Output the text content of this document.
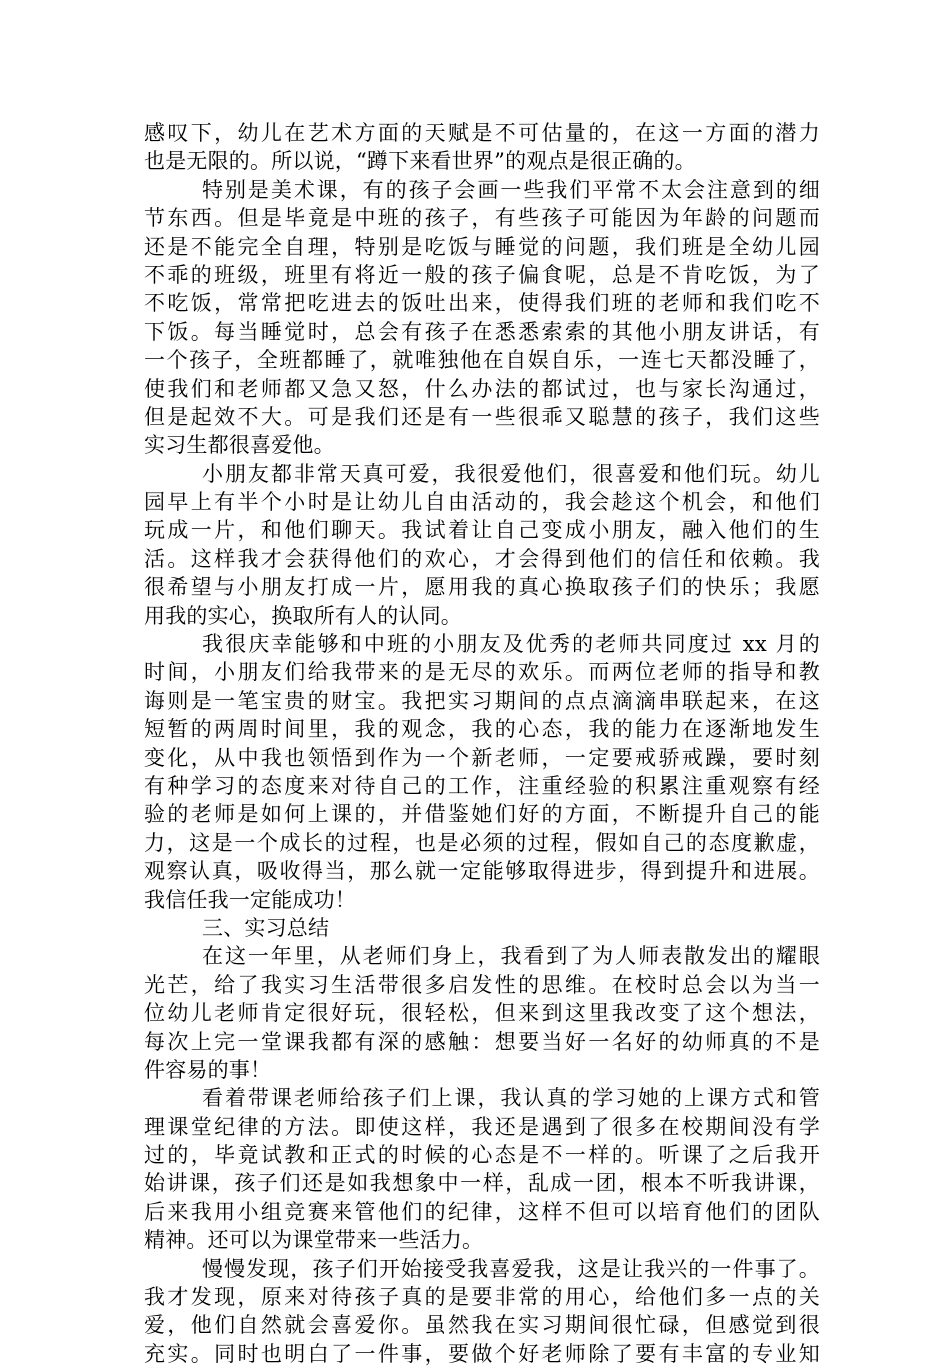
感叹下，幼儿在艺术方面的天赋是不可估量的，在这一方面的潜力
也是无限的。所以说，“蹲下来看世界”的观点是很正确的。
特别是美术课，有的孩子会画一些我们平常不太会注意到的细
节东西。但是毕竟是中班的孩子，有些孩子可能因为年龄的问题而
还是不能完全自理，特别是吃饭与睡觉的问题，我们班是全幼儿园
不乖的班级，班里有将近一般的孩子偏食呢，总是不肯吃饭，为了
不吃饭，常常把吃进去的饭吐出来，使得我们班的老师和我们吃不
下饭。每当睡觉时，总会有孩子在悉悉索索的其他小朋友讲话，有
一个孩子，全班都睡了，就唯独他在自娱自乐，一连七天都没睡了，
使我们和老师都又急又怒，什么办法的都试过，也与家长沟通过，
但是起效不大。可是我们还是有一些很乖又聪慧的孩子，我们这些
实习生都很喜爱他。
小朋友都非常天真可爱，我很爱他们，很喜爱和他们玩。幼儿
园早上有半个小时是让幼儿自由活动的，我会趁这个机会，和他们
玩成一片，和他们聊天。我试着让自己变成小朋友，融入他们的生
活。这样我才会获得他们的欢心，才会得到他们的信任和依赖。我
很希望与小朋友打成一片，愿用我的真心换取孩子们的快乐；我愿
用我的实心，换取所有人的认同。
我很庆幸能够和中班的小朋友及优秀的老师共同度过 xx 月的
时间，小朋友们给我带来的是无尽的欢乐。而两位老师的指导和教
诲则是一笔宝贵的财宝。我把实习期间的点点滴滴串联起来，在这
短暂的两周时间里，我的观念，我的心态，我的能力在逐渐地发生
变化，从中我也领悟到作为一个新老师，一定要戒骄戒躁，要时刻
有种学习的态度来对待自己的工作，注重经验的积累注重观察有经
验的老师是如何上课的，并借鉴她们好的方面，不断提升自己的能
力，这是一个成长的过程，也是必须的过程，假如自己的态度歉虚，
观察认真，吸收得当，那么就一定能够取得进步，得到提升和进展。
我信任我一定能成功！
三、实习总结
在这一年里，从老师们身上，我看到了为人师表散发出的耀眼
光芒，给了我实习生活带很多启发性的思维。在校时总会以为当一
位幼儿老师肯定很好玩，很轻松，但来到这里我改变了这个想法，
每次上完一堂课我都有深的感触：想要当好一名好的幼师真的不是
件容易的事！
看着带课老师给孩子们上课，我认真的学习她的上课方式和管
理课堂纪律的方法。即使这样，我还是遇到了很多在校期间没有学
过的，毕竟试教和正式的时候的心态是不一样的。听课了之后我开
始讲课，孩子们还是如我想象中一样，乱成一团，根本不听我讲课，
后来我用小组竞赛来管他们的纪律，这样不但可以培育他们的团队
精神。还可以为课堂带来一些活力。
慢慢发现，孩子们开始接受我喜爱我，这是让我兴的一件事了。
我才发现，原来对待孩子真的是要非常的用心，给他们多一点的关
爱，他们自然就会喜爱你。虽然我在实习期间很忙碌，但感觉到很
充实。同时也明白了一件事，要做个好老师除了要有丰富的专业知
